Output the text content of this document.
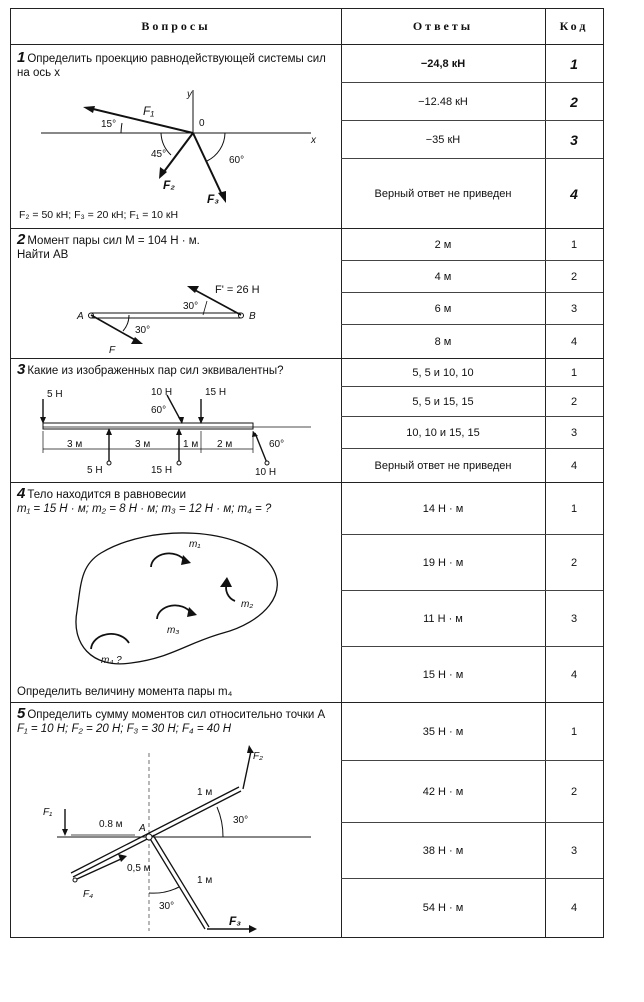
Вопросы	Ответы	Код
1 Определить проекцию равнодействующей системы сил на ось x
y
0
x
F₁
15°
45°
60°
F₂
F₃
F₂ = 50 кН; F₃ = 20 кН; F₁ = 10 кН
−24,8 кН	1
−12.48 кН	2
−35 кН	3
Верный ответ не приведен	4
2 Момент пары сил M = 104 Н · м.
Найти AB
F' = 26 Н
30°
A	B
30°
F
2 м	1
4 м	2
6 м	3
8 м	4
3 Какие из изображенных пар сил эквивалентны?
5 Н	10 Н	15 Н
60°
60°
3 м	3 м	1 м 2 м
5 Н	15 Н	10 Н
5, 5 и 10, 10	1
5, 5 и 15, 15	2
10, 10 и 15, 15	3
Верный ответ не приведен	4
4 Тело находится в равновесии
m₁ = 15 Н · м; m₂ = 8 Н · м; m₃ = 12 Н · м; m₄ = ?
m₁
m₂
m₃
m₄ ?
Определить величину момента пары m₄
14 Н · м	1
19 Н · м	2
11 Н · м	3
15 Н · м	4
5 Определить сумму моментов сил относительно точки A
F₁ = 10 Н; F₂ = 20 Н; F₃ = 30 Н; F₄ = 40 Н
F₁
0.8 м A
F₂
1 м
30°
0,5 м
F₄
1 м
30°
F₃
35 Н · м	1
42 Н · м	2
38 Н · м	3
54 Н · м	4
